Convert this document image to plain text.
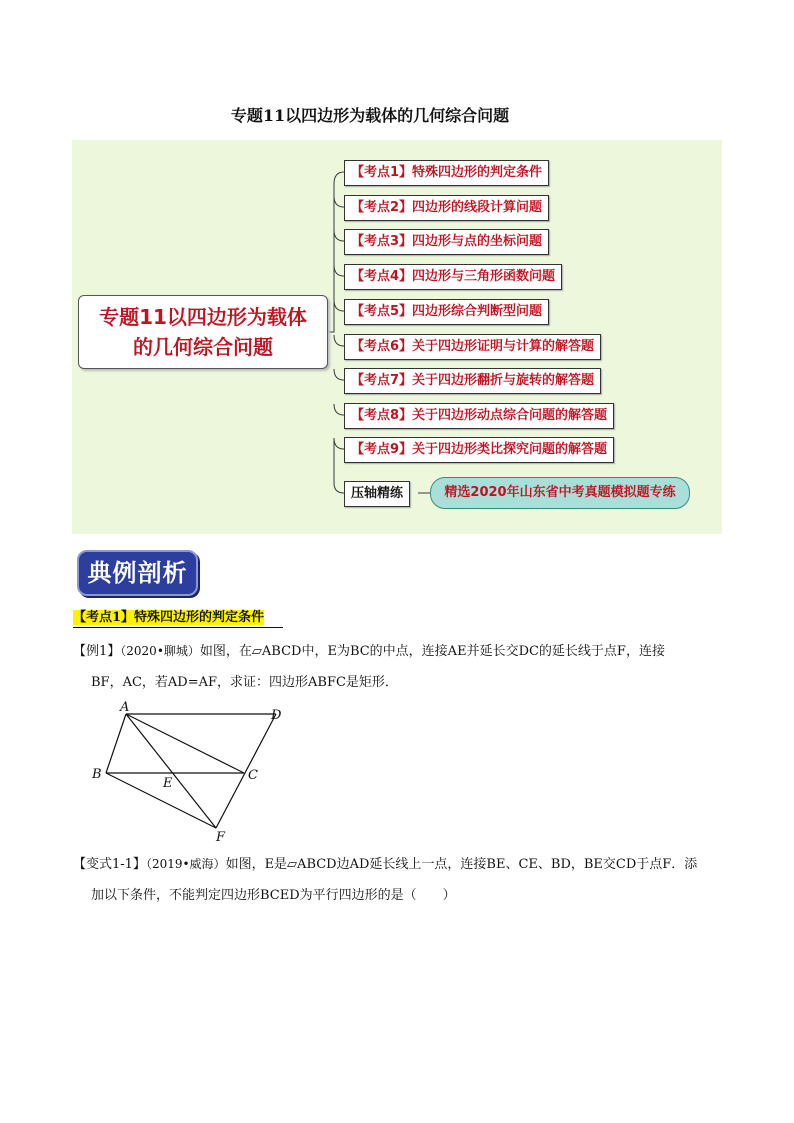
专题11以四边形为载体的几何综合问题
专题11以四边形为载体
的几何综合问题
【考点1】特殊四边形的判定条件
【考点2】四边形的线段计算问题
【考点3】四边形与点的坐标问题
【考点4】四边形与三角形函数问题
【考点5】四边形综合判断型问题
【考点6】关于四边形证明与计算的解答题
【考点7】关于四边形翻折与旋转的解答题
【考点8】关于四边形动点综合问题的解答题
【考点9】关于四边形类比探究问题的解答题
压轴精练	精选2020年山东省中考真题模拟题专练
典例剖析
【考点1】特殊四边形的判定条件
【例1】（2020•聊城）如图，在▱ABCD中，E为BC的中点，连接AE并延长交DC的延长线于点F，连接
BF，AC，若AD=AF，求证：四边形ABFC是矩形．
A
D
B	C
E
F
【变式1-1】（2019•威海）如图，E是▱ABCD边AD延长线上一点，连接BE、CE、BD，BE交CD于点F．添
加以下条件，不能判定四边形BCED为平行四边形的是（　　）
